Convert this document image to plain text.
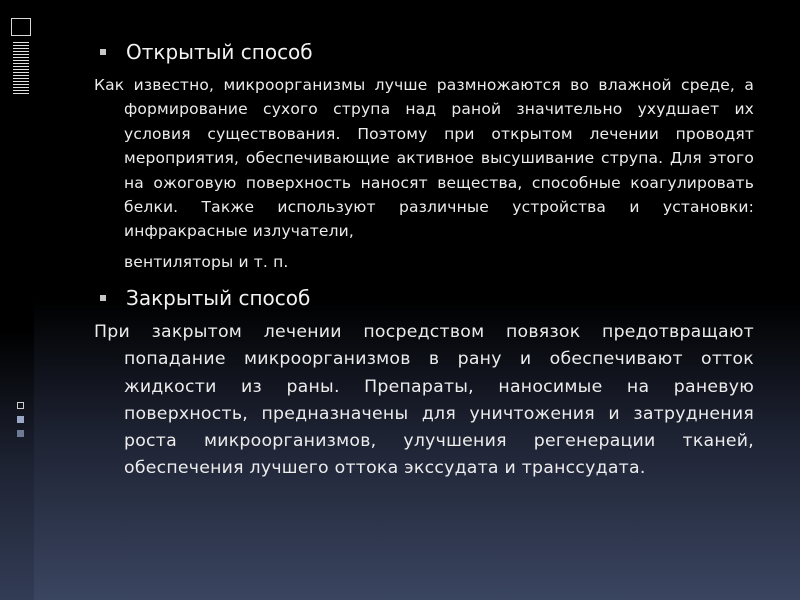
Открытый способ

Как известно, микроорганизмы лучше размножаются во влажной среде, а формирование сухого струпа над раной значительно ухудшает их условия существования. Поэтому при открытом лечении проводят мероприятия, обеспечивающие активное высушивание струпа. Для этого на ожоговую поверхность наносят вещества, способные коагулировать белки. Также используют различные устройства и установки: инфракрасные излучатели,

вентиляторы и т. п.

Закрытый способ

При закрытом лечении посредством повязок предотвращают попадание микроорганизмов в рану и обеспечивают отток жидкости из раны. Препараты, наносимые на раневую поверхность, предназначены для уничтожения и затруднения роста микроорганизмов, улучшения регенерации тканей, обеспечения лучшего оттока экссудата и транссудата.
